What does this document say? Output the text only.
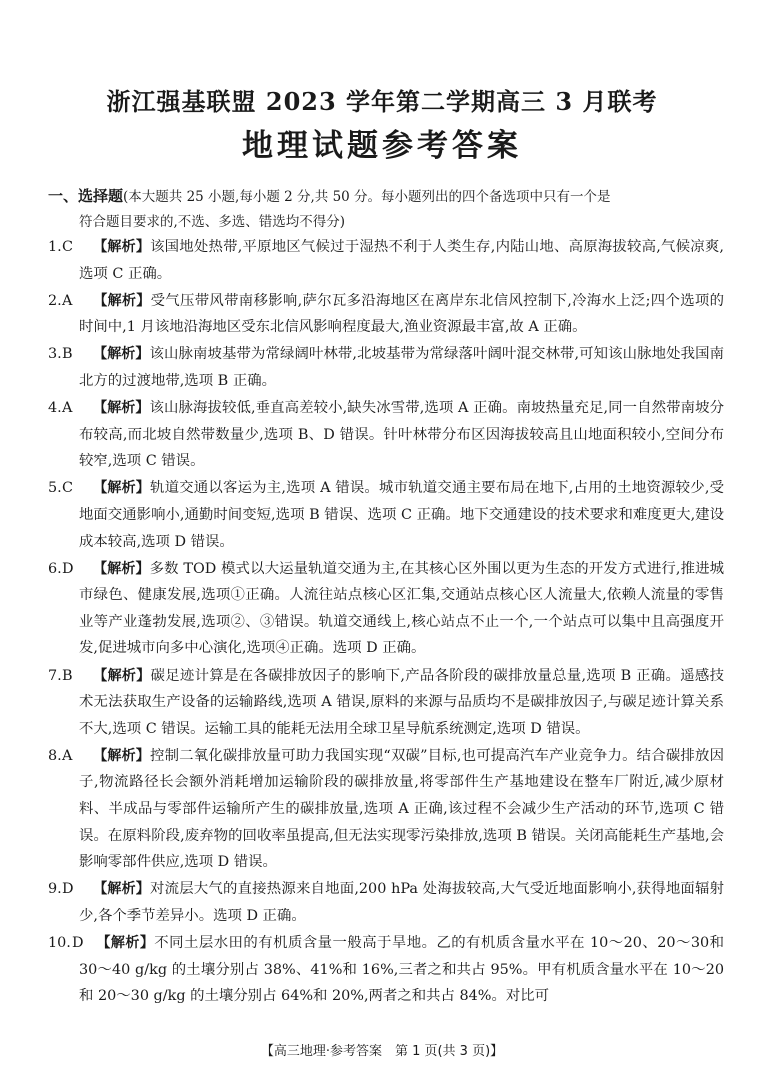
浙江强基联盟 2023 学年第二学期高三 3 月联考
地理试题参考答案
一、选择题(本大题共 25 小题,每小题 2 分,共 50 分。每小题列出的四个备选项中只有一个是
符合题目要求的,不选、多选、错选均不得分)
1.C 【解析】该国地处热带,平原地区气候过于湿热不利于人类生存,内陆山地、高原海拔较高,气候凉爽,选项 C 正确。
2.A 【解析】受气压带风带南移影响,萨尔瓦多沿海地区在离岸东北信风控制下,冷海水上泛;四个选项的时间中,1 月该地沿海地区受东北信风影响程度最大,渔业资源最丰富,故 A 正确。
3.B 【解析】该山脉南坡基带为常绿阔叶林带,北坡基带为常绿落叶阔叶混交林带,可知该山脉地处我国南北方的过渡地带,选项 B 正确。
4.A 【解析】该山脉海拔较低,垂直高差较小,缺失冰雪带,选项 A 正确。南坡热量充足,同一自然带南坡分布较高,而北坡自然带数量少,选项 B、D 错误。针叶林带分布区因海拔较高且山地面积较小,空间分布较窄,选项 C 错误。
5.C 【解析】轨道交通以客运为主,选项 A 错误。城市轨道交通主要布局在地下,占用的土地资源较少,受地面交通影响小,通勤时间变短,选项 B 错误、选项 C 正确。地下交通建设的技术要求和难度更大,建设成本较高,选项 D 错误。
6.D 【解析】多数 TOD 模式以大运量轨道交通为主,在其核心区外围以更为生态的开发方式进行,推进城市绿色、健康发展,选项①正确。人流往站点核心区汇集,交通站点核心区人流量大,依赖人流量的零售业等产业蓬勃发展,选项②、③错误。轨道交通线上,核心站点不止一个,一个站点可以集中且高强度开发,促进城市向多中心演化,选项④正确。选项 D 正确。
7.B 【解析】碳足迹计算是在各碳排放因子的影响下,产品各阶段的碳排放量总量,选项 B 正确。遥感技术无法获取生产设备的运输路线,选项 A 错误,原料的来源与品质均不是碳排放因子,与碳足迹计算关系不大,选项 C 错误。运输工具的能耗无法用全球卫星导航系统测定,选项 D 错误。
8.A 【解析】控制二氧化碳排放量可助力我国实现“双碳”目标,也可提高汽车产业竞争力。结合碳排放因子,物流路径长会额外消耗增加运输阶段的碳排放量,将零部件生产基地建设在整车厂附近,减少原材料、半成品与零部件运输所产生的碳排放量,选项 A 正确,该过程不会减少生产活动的环节,选项 C 错误。在原料阶段,废弃物的回收率虽提高,但无法实现零污染排放,选项 B 错误。关闭高能耗生产基地,会影响零部件供应,选项 D 错误。
9.D 【解析】对流层大气的直接热源来自地面,200 hPa 处海拔较高,大气受近地面影响小,获得地面辐射少,各个季节差异小。选项 D 正确。
10.D 【解析】不同土层水田的有机质含量一般高于旱地。乙的有机质含量水平在 10～20、20～30和 30～40 g/kg 的土壤分别占 38%、41%和 16%,三者之和共占 95%。甲有机质含量水平在 10～20 和 20～30 g/kg 的土壤分别占 64%和 20%,两者之和共占 84%。对比可
【高三地理·参考答案　第 1 页(共 3 页)】
